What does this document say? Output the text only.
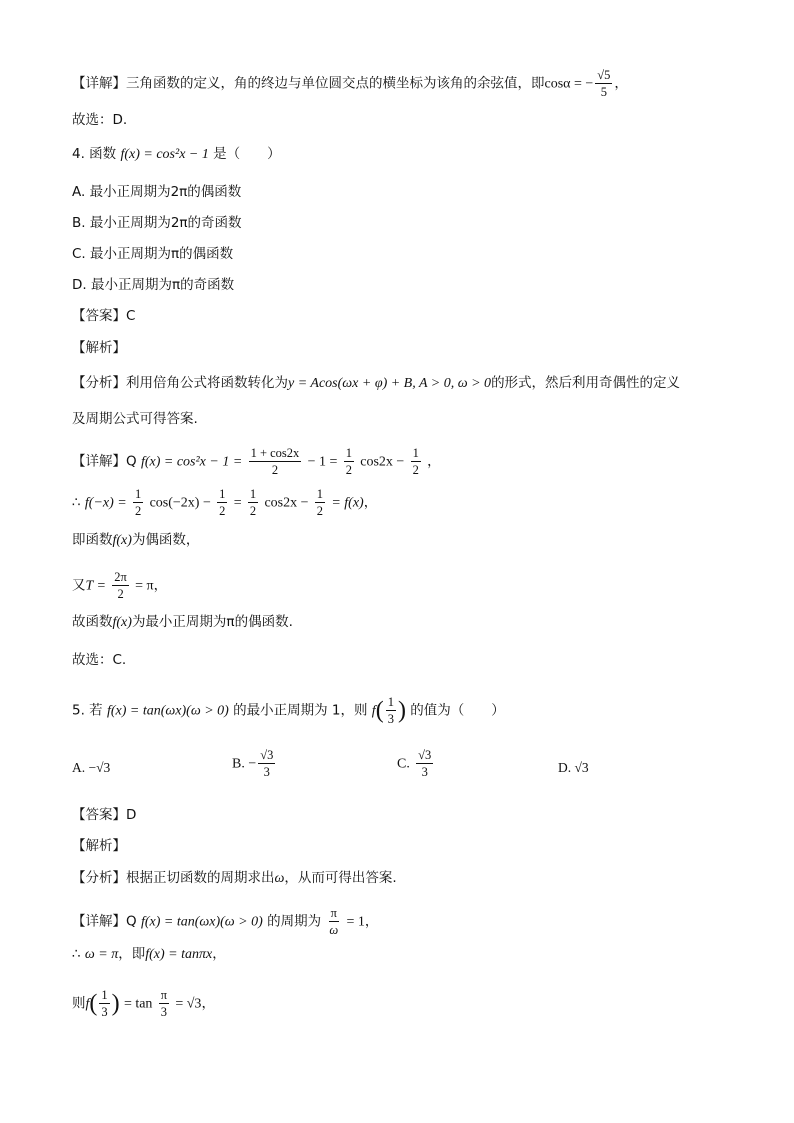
【详解】三角函数的定义，角的终边与单位圆交点的横坐标为该角的余弦值，即cosα = − $\frac{√5}{5}$ ，
故选：D.
4. 函数 f(x) = cos²x − 1 是（　　）
A. 最小正周期为2π的偶函数
B. 最小正周期为2π的奇函数
C. 最小正周期为π的偶函数
D. 最小正周期为π的奇函数
【答案】C
【解析】
【分析】利用倍角公式将函数转化为y = Acos(ωx + φ) + B, A > 0, ω > 0的形式，然后利用奇偶性的定义
及周期公式可得答案.
【详解】Q $f(x) = \cos^2x - 1 = \frac{1 + \cos 2x}{2} - 1 = \frac{1}{2} \cos 2x - \frac{1}{2}$ ，
∴ $f(-x) = \frac{1}{2} \cos(-2x) - \frac{1}{2} = \frac{1}{2} \cos 2x - \frac{1}{2} = f(x)$，
即函数f(x)为偶函数，
又$T = \frac{2\pi}{2} = \pi$，
故函数f(x)为最小正周期为π的偶函数.
故选：C.
5. 若 f(x) = tan(ωx)(ω > 0) 的最小正周期为 1，则 $f( \frac{1}{3}$ ) 的值为（　　）
A. −√3	B. − $\frac{√3}{3}$	C. $\frac{√3}{3}$	D. √3
【答案】D
【解析】
【分析】根据正切函数的周期求出ω，从而可得出答案.
【详解】Q f(x) = tan(ωx)(ω > 0) 的周期为 $\frac{\pi}{\omega} = 1$，
∴ ω = π，即f(x) = tanπx，
则$f( \frac{1}{3}$ ) = $\tan \frac{\pi}{3} = √3$，
